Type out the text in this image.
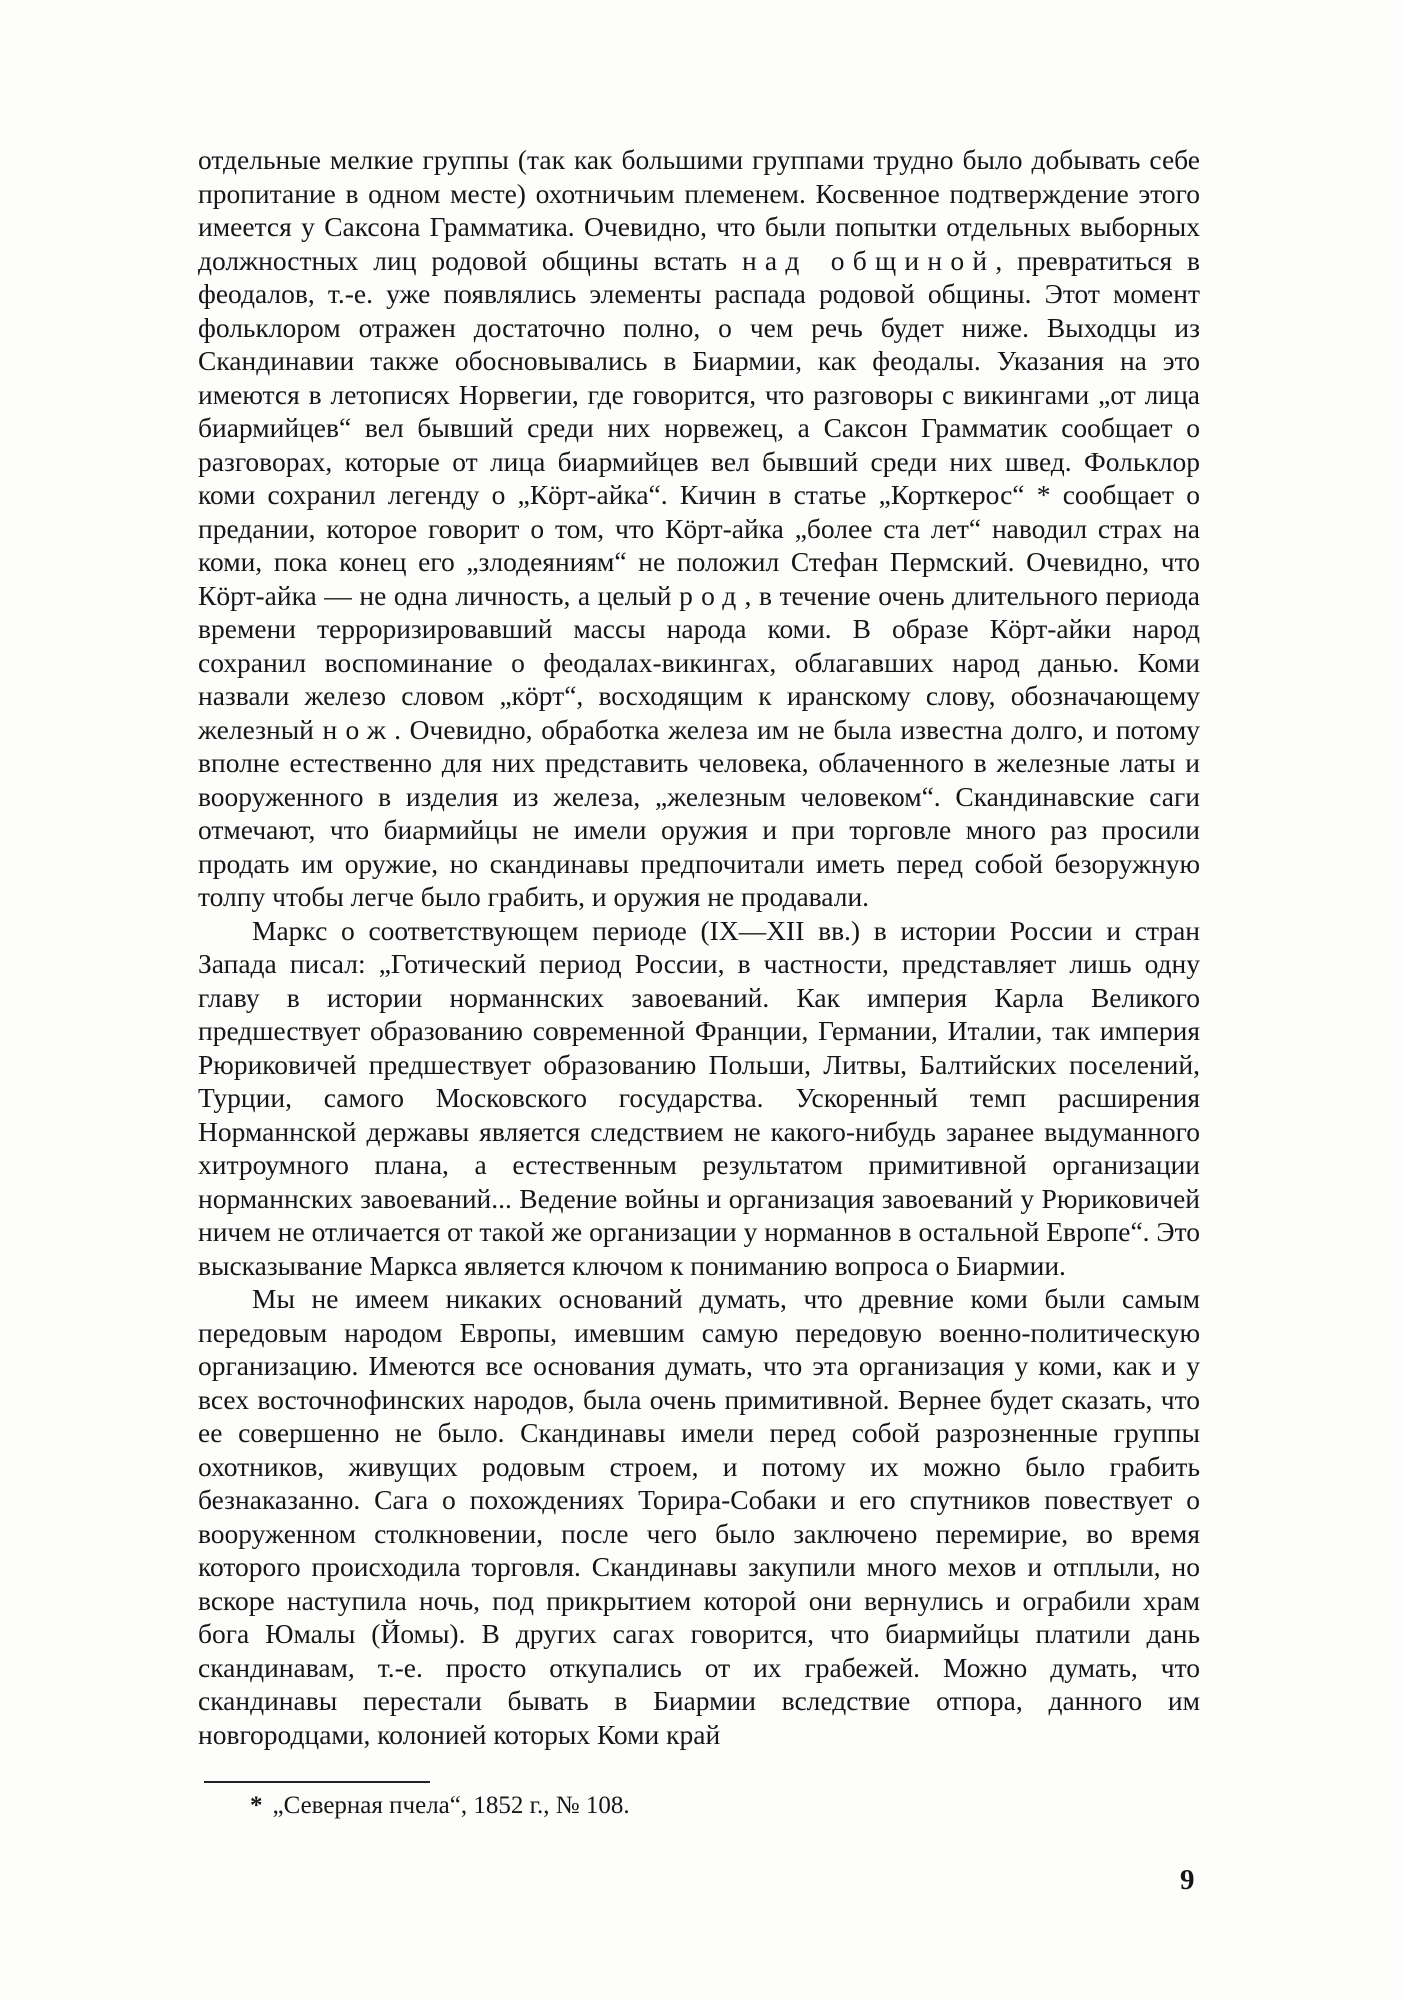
отдельные мелкие группы (так как большими группами трудно было добывать себе пропитание в одном месте) охотничьим племенем. Косвенное подтверждение этого имеется у Саксона Грамматика. Очевидно, что были попытки отдельных выборных должностных лиц родовой общины встать над общиной, превратиться в феодалов, т.-е. уже появлялись элементы распада родовой общины. Этот момент фольклором отражен достаточно полно, о чем речь будет ниже. Выходцы из Скандинавии также обосновывались в Биармии, как феодалы. Указания на это имеются в летописях Норвегии, где говорится, что разговоры с викингами „от лица биармийцев“ вел бывший среди них норвежец, а Саксон Грамматик сообщает о разговорах, которые от лица биармийцев вел бывший среди них швед. Фольклор коми сохранил легенду о „Кӧрт-айка“. Кичин в статье „Корткерос“ * сообщает о предании, которое говорит о том, что Кӧрт-айка „более ста лет“ наводил страх на коми, пока конец его „злодеяниям“ не положил Стефан Пермский. Очевидно, что Кӧрт-айка — не одна личность, а целый род, в течение очень длительного периода времени терроризировавший массы народа коми. В образе Кӧрт-айки народ сохранил воспоминание о феодалах-викингах, облагавших народ данью. Коми назвали железо словом „кӧрт“, восходящим к иранскому слову, обозначающему железный нож. Очевидно, обработка железа им не была известна долго, и потому вполне естественно для них представить человека, облаченного в железные латы и вооруженного в изделия из железа, „железным человеком“. Скандинавские саги отмечают, что биармийцы не имели оружия и при торговле много раз просили продать им оружие, но скандинавы предпочитали иметь перед собой безоружную толпу чтобы легче было грабить, и оружия не продавали.

Маркс о соответствующем периоде (IX—XII вв.) в истории России и стран Запада писал: „Готический период России, в частности, представляет лишь одну главу в истории норманнских завоеваний. Как империя Карла Великого предшествует образованию современной Франции, Германии, Италии, так империя Рюриковичей предшествует образованию Польши, Литвы, Балтийских поселений, Турции, самого Московского государства. Ускоренный темп расширения Норманнской державы является следствием не какого-нибудь заранее выдуманного хитроумного плана, а естественным результатом примитивной организации норманнских завоеваний... Ведение войны и организация завоеваний у Рюриковичей ничем не отличается от такой же организации у норманнов в остальной Европе“. Это высказывание Маркса является ключом к пониманию вопроса о Биармии.

Мы не имеем никаких оснований думать, что древние коми были самым передовым народом Европы, имевшим самую передовую военно-политическую организацию. Имеются все основания думать, что эта организация у коми, как и у всех восточнофинских народов, была очень примитивной. Вернее будет сказать, что ее совершенно не было. Скандинавы имели перед собой разрозненные группы охотников, живущих родовым строем, и потому их можно было грабить безнаказанно. Сага о похождениях Торира-Собаки и его спутников повествует о вооруженном столкновении, после чего было заключено перемирие, во время которого происходила торговля. Скандинавы закупили много мехов и отплыли, но вскоре наступила ночь, под прикрытием которой они вернулись и ограбили храм бога Юмалы (Йомы). В других сагах говорится, что биармийцы платили дань скандинавам, т.-е. просто откупались от их грабежей. Можно думать, что скандинавы перестали бывать в Биармии вследствие отпора, данного им новгородцами, колонией которых Коми край

* „Северная пчела“, 1852 г., № 108.
9
